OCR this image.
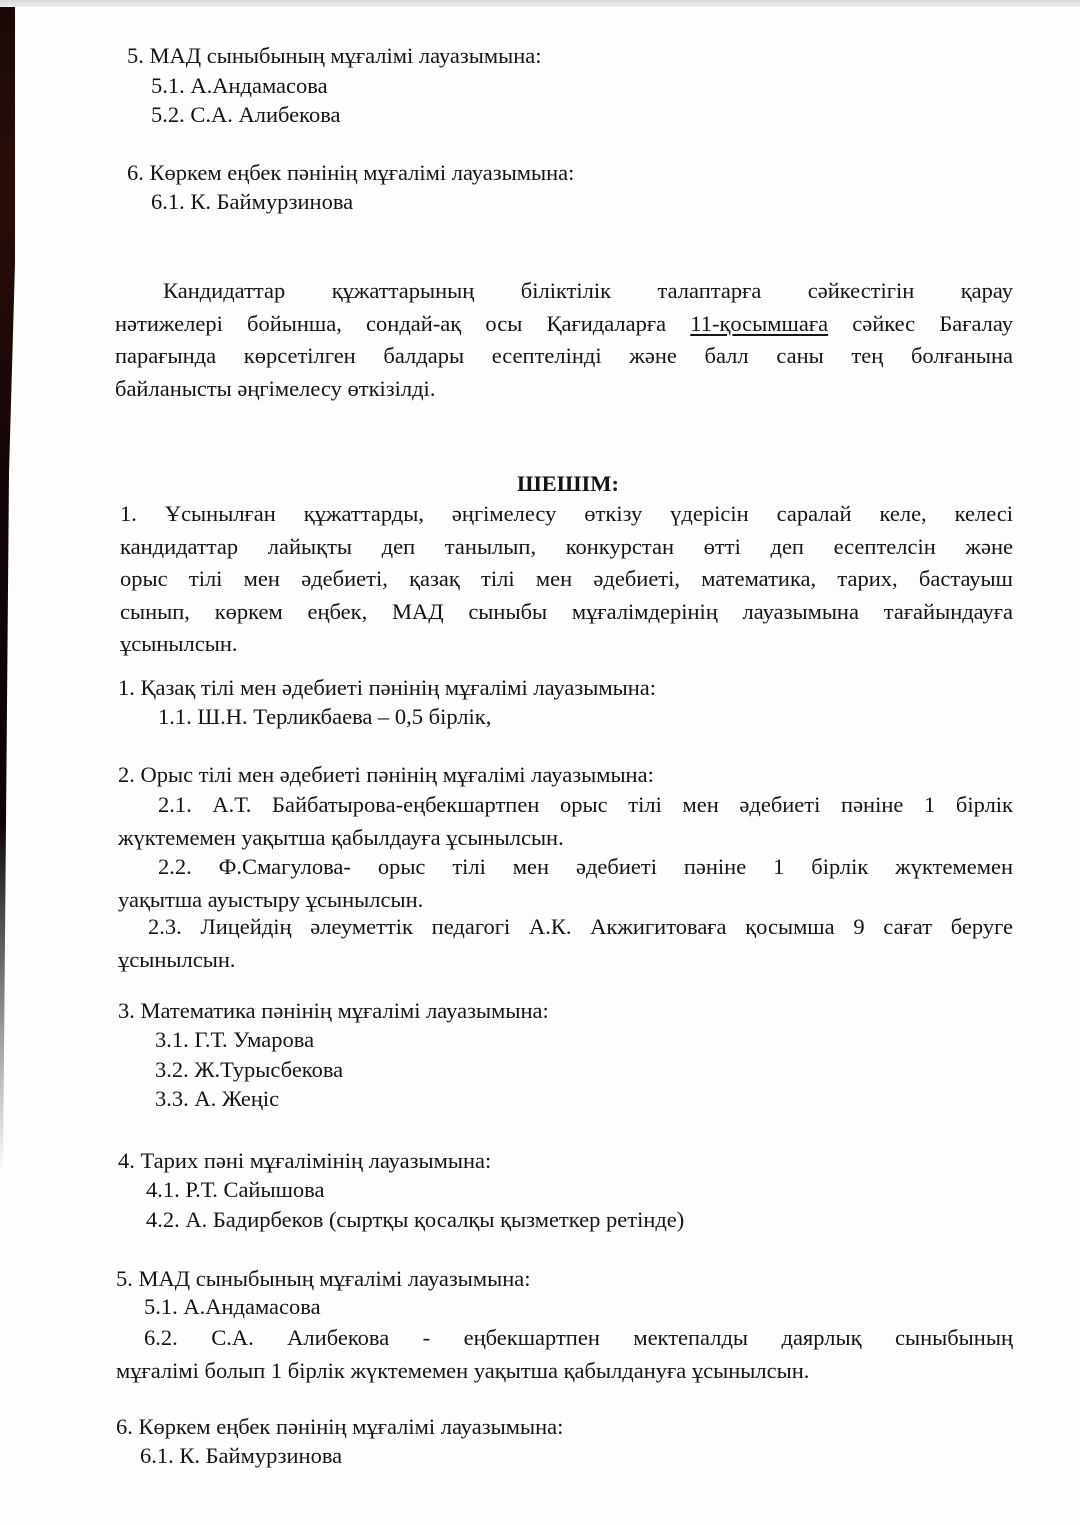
5. МАД сыныбының мұғалімі лауазымына:
5.1. А.Андамасова
5.2. С.А. Алибекова
6. Көркем еңбек пәнінің мұғалімі лауазымына:
6.1. К. Баймурзинова
Кандидаттар құжаттарының біліктілік талаптарға сәйкестігін қарау
нәтижелері бойынша, сондай-ақ осы Қағидаларға 11-қосымшаға сәйкес Бағалау
парағында көрсетілген балдары есептелінді және балл саны тең болғанына
байланысты әңгімелесу өткізілді.
ШЕШІМ:
1. Ұсынылған құжаттарды, әңгімелесу өткізу үдерісін саралай келе, келесі
кандидаттар лайықты деп танылып, конкурстан өтті деп есептелсін және
орыс тілі мен әдебиеті, қазақ тілі мен әдебиеті, математика, тарих, бастауыш
сынып, көркем еңбек, МАД сыныбы мұғалімдерінің лауазымына тағайындауға
ұсынылсын.
1. Қазақ тілі мен әдебиеті пәнінің мұғалімі лауазымына:
1.1. Ш.Н. Терликбаева – 0,5 бірлік,
2. Орыс тілі мен әдебиеті пәнінің мұғалімі лауазымына:
2.1. А.Т. Байбатырова-еңбекшартпен орыс тілі мен әдебиеті пәніне 1 бірлік
жүктемемен уақытша қабылдауға ұсынылсын.
2.2. Ф.Смагулова- орыс тілі мен әдебиеті пәніне 1 бірлік жүктемемен
уақытша ауыстыру ұсынылсын.
2.3. Лицейдің әлеуметтік педагогі А.К. Акжигитоваға қосымша 9 сағат беруге
ұсынылсын.
3. Математика пәнінің мұғалімі лауазымына:
3.1. Г.Т. Умарова
3.2. Ж.Турысбекова
3.3. А. Жеңіс
4. Тарих пәні мұғалімінің лауазымына:
4.1. Р.Т. Сайышова
4.2. А. Бадирбеков (сыртқы қосалқы қызметкер ретінде)
5. МАД сыныбының мұғалімі лауазымына:
5.1. А.Андамасова
6.2. С.А. Алибекова - еңбекшартпен мектепалды даярлық сыныбының
мұғалімі болып 1 бірлік жүктемемен уақытша қабылдануға ұсынылсын.
6. Көркем еңбек пәнінің мұғалімі лауазымына:
6.1. К. Баймурзинова
